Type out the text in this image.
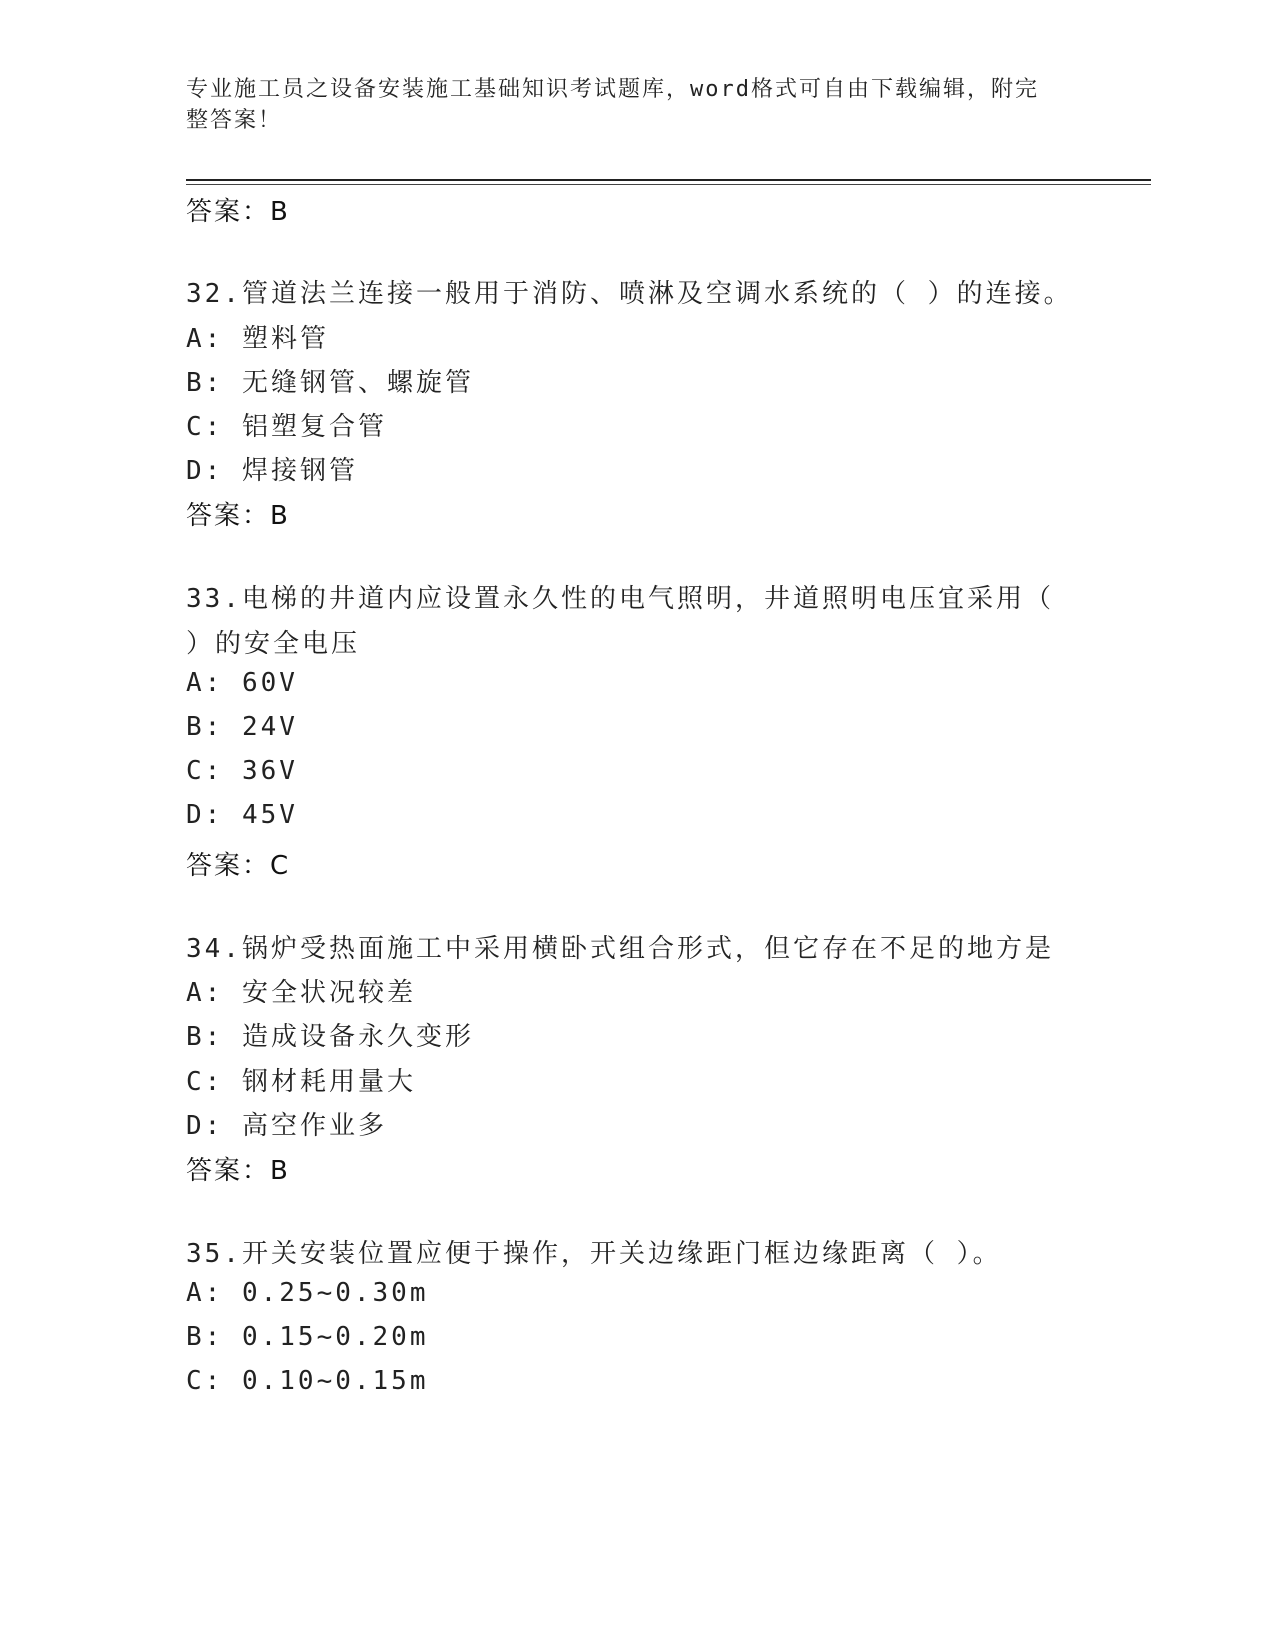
专业施工员之设备安装施工基础知识考试题库，word格式可自由下载编辑，附完
整答案！
答案：B
32.管道法兰连接一般用于消防、喷淋及空调水系统的（ ）的连接。
A: 塑料管
B: 无缝钢管、螺旋管
C: 铝塑复合管
D: 焊接钢管
答案：B
33.电梯的井道内应设置永久性的电气照明，井道照明电压宜采用（
）的安全电压
A: 60V
B: 24V
C: 36V
D: 45V
答案：C
34.锅炉受热面施工中采用横卧式组合形式，但它存在不足的地方是
A: 安全状况较差
B: 造成设备永久变形
C: 钢材耗用量大
D: 高空作业多
答案：B
35.开关安装位置应便于操作，开关边缘距门框边缘距离（ ）。
A: 0.25~0.30m
B: 0.15~0.20m
C: 0.10~0.15m
